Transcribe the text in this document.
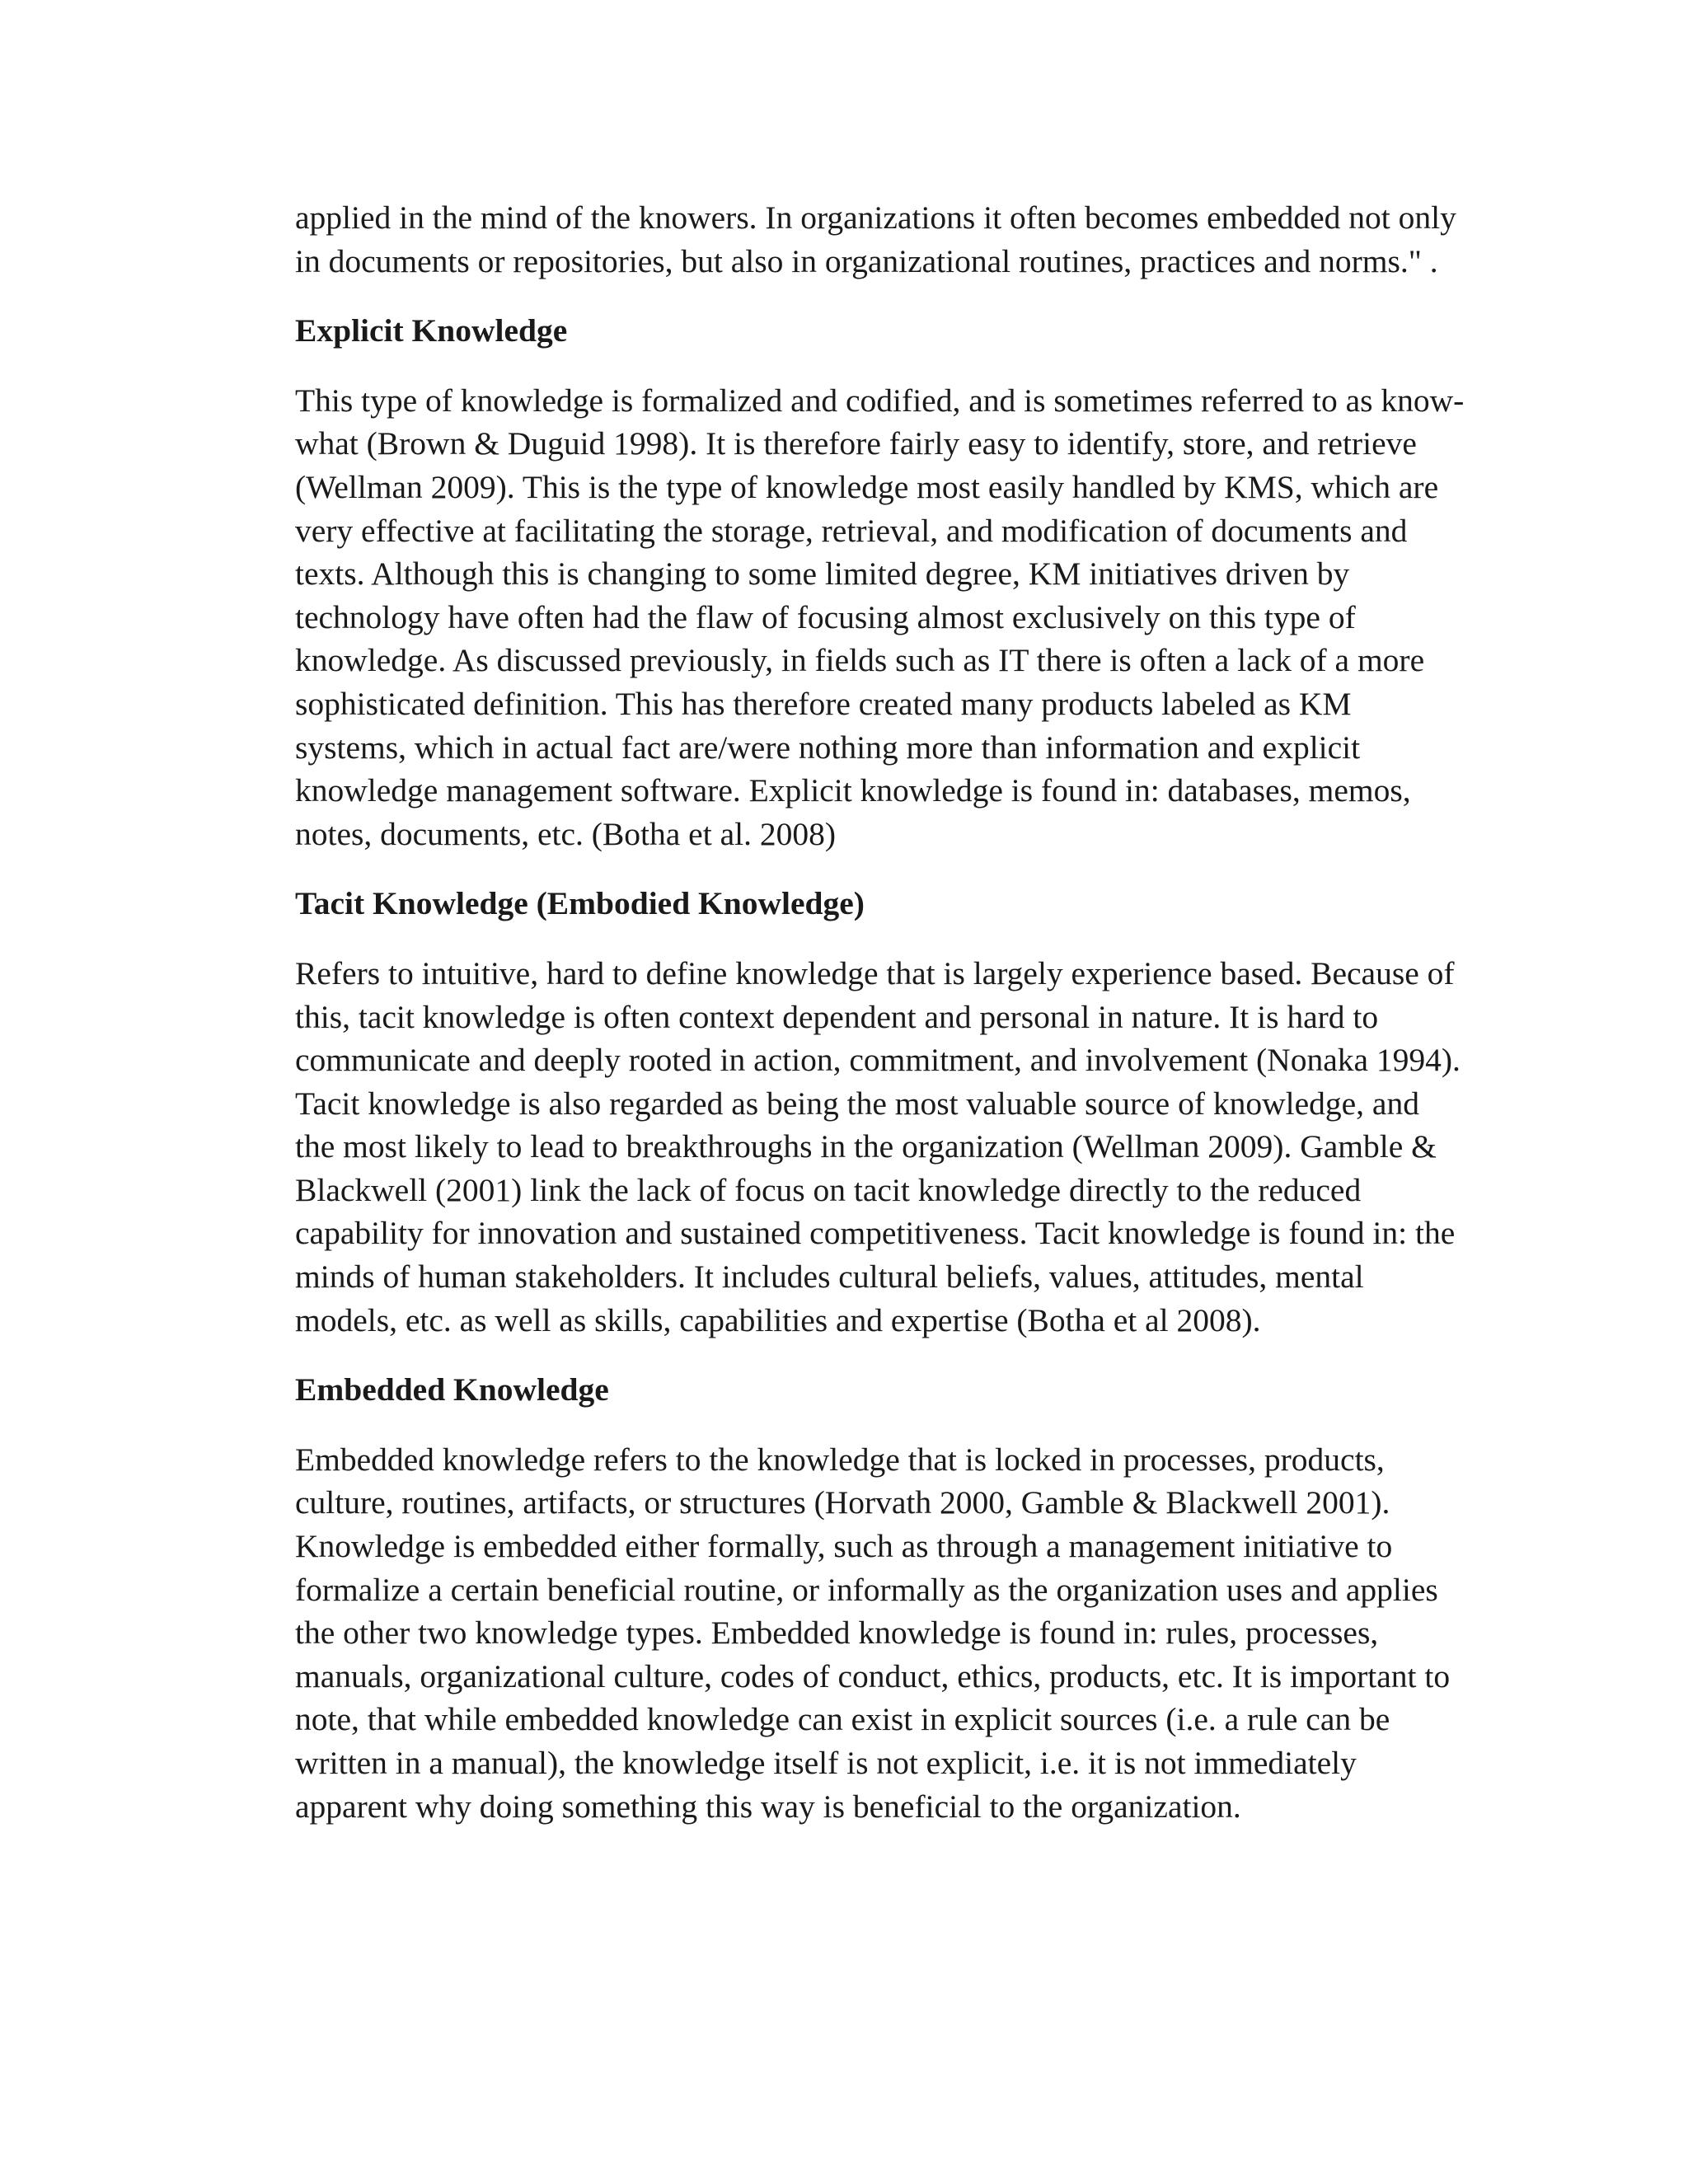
applied in the mind of the knowers. In organizations it often becomes embedded not only

in documents or repositories, but also in organizational routines, practices and norms." .

Explicit Knowledge

This type of knowledge is formalized and codified, and is sometimes referred to as know-

what (Brown & Duguid 1998). It is therefore fairly easy to identify, store, and retrieve

(Wellman 2009). This is the type of knowledge most easily handled by KMS, which are

very effective at facilitating the storage, retrieval, and modification of documents and

texts. Although this is changing to some limited degree, KM initiatives driven by

technology have often had the flaw of focusing almost exclusively on this type of

knowledge. As discussed previously, in fields such as IT there is often a lack of a more

sophisticated definition. This has therefore created many products labeled as KM

systems, which in actual fact are/were nothing more than information and explicit

knowledge management software. Explicit knowledge is found in: databases, memos,

notes, documents, etc. (Botha et al. 2008)

Tacit Knowledge (Embodied Knowledge)

Refers to intuitive, hard to define knowledge that is largely experience based. Because of

this, tacit knowledge is often context dependent and personal in nature. It is hard to

communicate and deeply rooted in action, commitment, and involvement (Nonaka 1994).

Tacit knowledge is also regarded as being the most valuable source of knowledge, and

the most likely to lead to breakthroughs in the organization (Wellman 2009). Gamble &

Blackwell (2001) link the lack of focus on tacit knowledge directly to the reduced

capability for innovation and sustained competitiveness. Tacit knowledge is found in: the

minds of human stakeholders. It includes cultural beliefs, values, attitudes, mental

models, etc. as well as skills, capabilities and expertise (Botha et al 2008).

Embedded Knowledge

Embedded knowledge refers to the knowledge that is locked in processes, products,

culture, routines, artifacts, or structures (Horvath 2000, Gamble & Blackwell 2001).

Knowledge is embedded either formally, such as through a management initiative to

formalize a certain beneficial routine, or informally as the organization uses and applies

the other two knowledge types. Embedded knowledge is found in: rules, processes,

manuals, organizational culture, codes of conduct, ethics, products, etc. It is important to

note, that while embedded knowledge can exist in explicit sources (i.e. a rule can be

written in a manual), the knowledge itself is not explicit, i.e. it is not immediately

apparent why doing something this way is beneficial to the organization.
